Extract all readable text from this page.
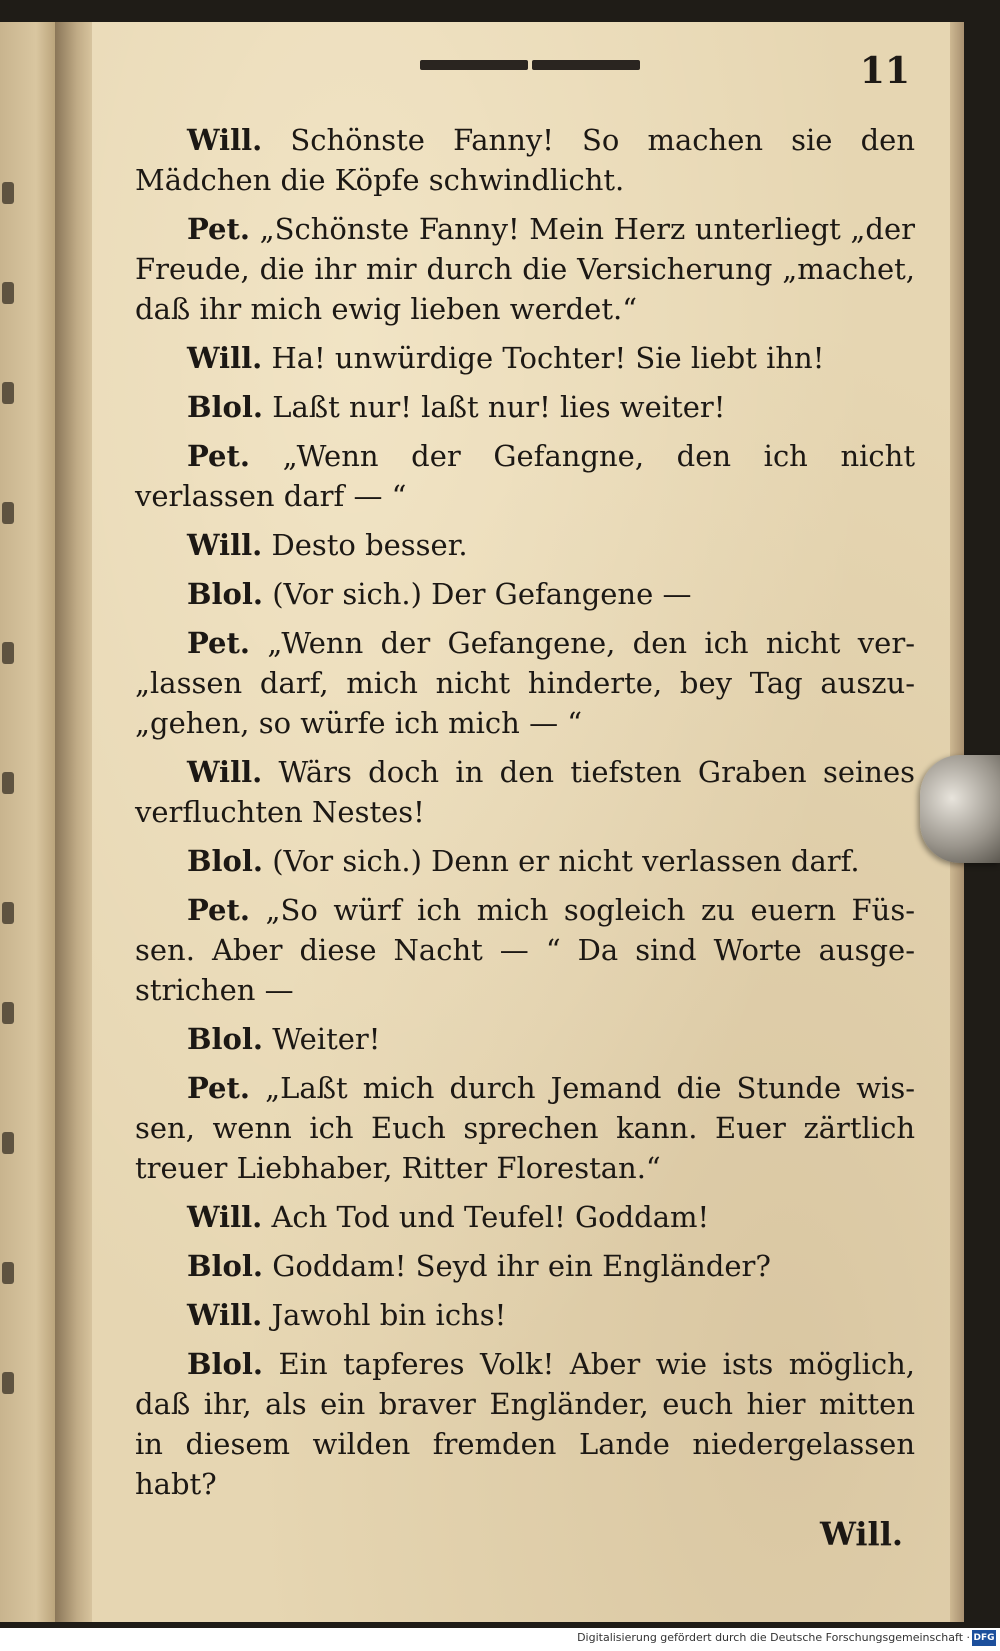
11

Will. Schönste Fanny! So machen sie den Mädchen die Köpfe schwindlicht.

Pet. „Schönste Fanny! Mein Herz unterliegt „der Freude, die ihr mir durch die Versicherung „machet, daß ihr mich ewig lieben werdet.“

Will. Ha! unwürdige Tochter! Sie liebt ihn!

Blol. Laßt nur! laßt nur! lies weiter!

Pet. „Wenn der Gefangne, den ich nicht verlassen darf — “

Will. Desto besser.

Blol. (Vor sich.) Der Gefangene —

Pet. „Wenn der Gefangene, den ich nicht ver- „lassen darf, mich nicht hinderte, bey Tag auszu- „gehen, so würfe ich mich — “

Will. Wärs doch in den tiefsten Graben seines verfluchten Nestes!

Blol. (Vor sich.) Denn er nicht verlassen darf.

Pet. „So würf ich mich sogleich zu euern Füs- sen. Aber diese Nacht — “ Da sind Worte ausge- strichen —

Blol. Weiter!

Pet. „Laßt mich durch Jemand die Stunde wis- sen, wenn ich Euch sprechen kann. Euer zärtlich treuer Liebhaber, Ritter Florestan.“

Will. Ach Tod und Teufel! Goddam!

Blol. Goddam! Seyd ihr ein Engländer?

Will. Jawohl bin ichs!

Blol. Ein tapferes Volk! Aber wie ists möglich, daß ihr, als ein braver Engländer, euch hier mitten in diesem wilden fremden Lande niedergelassen habt?

Will.
Digitalisierung gefördert durch die Deutsche Forschungsgemeinschaft · DFG
